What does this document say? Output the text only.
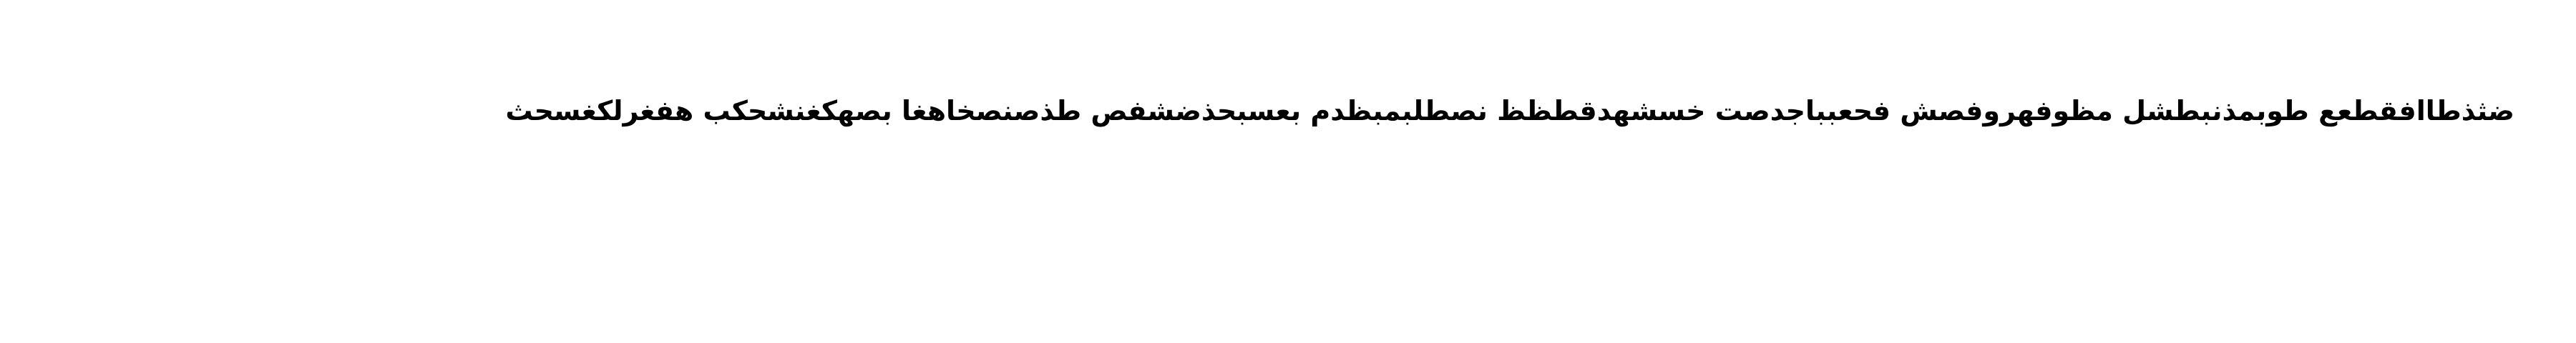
ضثذطاافقطعع طوبمذنبطشل مظوفهروفصش فحعبباجدصت خسشهدقطظظ نصطلبمبظدم بعسبحذضشفص طذصنصخاهغا بصهكغنشحكب هفغرلكغسحث
